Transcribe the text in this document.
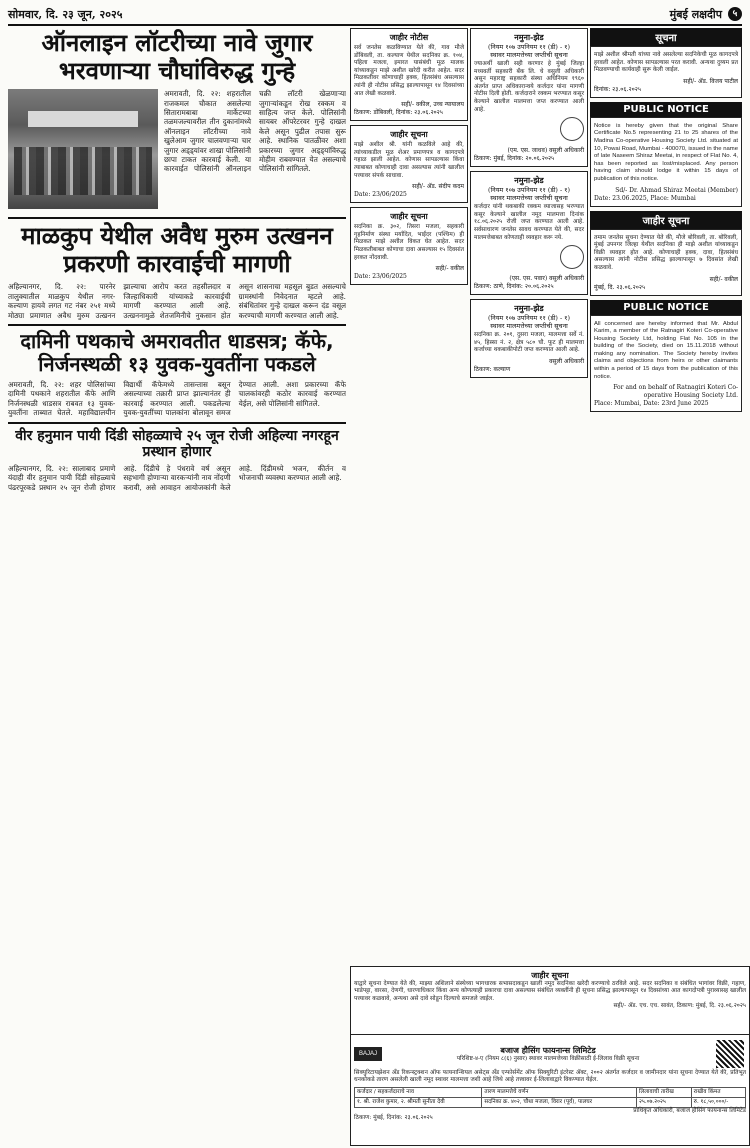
सोमवार, दि. २३ जून, २०२५	मुंबई लक्षदीप	५
ऑनलाइन लॉटरीच्या नावे जुगार भरवणाऱ्या चौघांविरुद्ध गुन्हे
अमरावती, दि. २२: शहरातील राजकमल चौकात असलेल्या सितारामबाबा मार्केटच्या तळमजल्यावरील तीन दुकानांमध्ये ऑनलाइन लॉटरीच्या नावे खुलेआम जुगार चालवणाऱ्या चार जुगार अड्ड्यांवर शाखा पोलिसांनी छापा टाकत कारवाई केली. या कारवाईत पोलिसांनी ऑनलाइन चक्री लॉटरी खेळणाऱ्या जुगाऱ्यांकडून रोख रक्कम व साहित्य जप्त केले. पोलिसांनी सायबर ऑपरेटरवर गुन्हे दाखल केले असून पुढील तपास सुरू आहे. स्थानिक पातळीवर अशा प्रकारच्या जुगार अड्ड्यांविरुद्ध मोहीम राबवण्यात येत असल्याचे पोलिसांनी सांगितले.
माळकुप येथील अवैध मुरुम उत्खनन प्रकरणी कारवाईची मागणी
अहिल्यानगर, दि. २२: पारनेर तालुक्यातील माळकुप येथील नगर-कल्याण हायवे लगत गट नंबर २५१ मध्ये मोठ्या प्रमाणात अवैध मुरुम उत्खनन झाल्याचा आरोप करत तहसीलदार व जिल्हाधिकारी यांच्याकडे कारवाईची मागणी करण्यात आली आहे. उत्खननामुळे शेतजमिनीचे नुकसान होत असून शासनाचा महसूल बुडत असल्याचे ग्रामस्थांनी निवेदनात म्हटले आहे. संबंधितांवर गुन्हे दाखल करून दंड वसूल करण्याची मागणी करण्यात आली आहे.
दामिनी पथकाचे अमरावतीत धाडसत्र; कॅफे, निर्जनस्थळी १३ युवक-युवतींना पकडले
अमरावती, दि. २२: शहर पोलिसांच्या दामिनी पथकाने शहरातील कॅफे आणि निर्जनस्थळी धाडसत्र राबवत १३ युवक-युवतींना ताब्यात घेतले. महाविद्यालयीन विद्यार्थी कॅफेमध्ये तासन्तास बसून असल्याच्या तक्रारी प्राप्त झाल्यानंतर ही कारवाई करण्यात आली. पकडलेल्या युवक-युवतींच्या पालकांना बोलावून समज देण्यात आली. अशा प्रकारच्या कॅफे चालकांवरही कठोर कारवाई करण्यात येईल, असे पोलिसांनी सांगितले.
वीर हनुमान पायी दिंडी सोहळ्याचे २५ जून रोजी अहिल्या नगरहून प्रस्थान होणार
अहिल्यानगर, दि. २२: सालाबाद प्रमाणे यंदाही वीर हनुमान पायी दिंडी सोहळ्याचे पंढरपूरकडे प्रस्थान २५ जून रोजी होणार आहे. दिंडीचे हे पंधरावे वर्ष असून सहभागी होणाऱ्या वारकऱ्यांनी नाव नोंदणी करावी, असे आवाहन आयोजकांनी केले आहे. दिंडीमध्ये भजन, कीर्तन व भोजनाची व्यवस्था करण्यात आली आहे.
जाहीर नोटीस
सर्व जनतेस कळविण्यात येते की, गाव मौजे डोंबिवली, ता. कल्याण येथील सदनिका क्र. १०४, पहिला मजला, इमारत यासंबंधी मूळ मालक यांच्याकडून माझे अशील खरेदी करीत आहेत. सदर मिळकतीवर कोणाचाही हक्क, हितसंबंध असल्यास त्यांनी ही नोटीस प्रसिद्ध झाल्यापासून १४ दिवसांच्या आत लेखी कळवावे.
सही/- वकील, उच्च न्यायालय
ठिकाण: डोंबिवली, दिनांक: २३.०६.२०२५
जाहीर सूचना
माझे अशील श्री. यांनी कळविले आहे की, त्यांच्याकडील मूळ शेअर प्रमाणपत्र व कागदपत्रे गहाळ झाली आहेत. कोणास सापडल्यास किंवा त्याबाबत कोणाचाही दावा असल्यास त्यांनी खालील पत्त्यावर संपर्क साधावा.
सही/- ॲड. संदीप कदम
Date: 23/06/2025
जाहीर सूचना
सदनिका क्र. ३०२, तिसरा मजला, सहकारी गृहनिर्माण संस्था मर्यादित, भाईंदर (पश्चिम) ही मिळकत माझे अशील विकत घेत आहेत. सदर मिळकतीबाबत कोणाचा दावा असल्यास १५ दिवसांत हरकत नोंदवावी.
सही/- वकील
Date: 23/06/2025
नमुना-झेड
(नियम १०७ उपनियम ११ (डी) - १)
स्थावर मालमत्तेच्या जप्तीची सूचना
ज्याअर्थी खाली सही करणार हे मुंबई जिल्हा मध्यवर्ती सहकारी बँक लि. चे वसुली अधिकारी असून महाराष्ट्र सहकारी संस्था अधिनियम १९६० अंतर्गत प्राप्त अधिकारान्वये कर्जदार यांना मागणी नोटीस दिली होती. कर्जदाराने रक्कम भरण्यात कसूर केल्याने खालील मालमत्ता जप्त करण्यात आली आहे.
(एम. एस. जाधव) वसुली अधिकारी
ठिकाण: मुंबई, दिनांक: २०.०६.२०२५
नमुना-झेड
(नियम १०७ उपनियम ११ (डी) - १)
स्थावर मालमत्तेच्या जप्तीची सूचना
कर्जदार यांनी थकबाकी रक्कम व्याजासह भरण्यात कसूर केल्याने खालील नमूद मालमत्ता दिनांक १८.०६.२०२५ रोजी जप्त करण्यात आली आहे. सर्वसाधारण जनतेस सावध करण्यात येते की, सदर मालमत्तेबाबत कोणताही व्यवहार करू नये.
(एस. एस. पवार) वसुली अधिकारी
ठिकाण: ठाणे, दिनांक: २०.०६.२०२५
नमुना-झेड
(नियम १०७ उपनियम ११ (डी) - १)
स्थावर मालमत्तेच्या जप्तीची सूचना
सदनिका क्र. २०१, दुसरा मजला, मालमत्ता सर्वे नं. ४५, हिस्सा नं. २, क्षेत्र ५८० चौ. फूट ही मालमत्ता कर्जाच्या थकबाकीपोटी जप्त करण्यात आली आहे.
वसुली अधिकारी
ठिकाण: कल्याण
सूचना
माझे अशील श्रीमती यांच्या नावे असलेल्या सदनिकेची मूळ कागदपत्रे हरवली आहेत. कोणास सापडल्यास परत करावी. अन्यथा दुय्यम प्रत मिळवण्याची कार्यवाही सुरू केली जाईल.
सही/- ॲड. विजय पाटील
दिनांक: २३.०६.२०२५
PUBLIC NOTICE
Notice is hereby given that the original Share Certificate No.5 representing 21 to 25 shares of the Madina Co-operative Housing Society Ltd. situated at 10, Powai Road, Mumbai - 400070, issued in the name of late Naseem Shiraz Meetai, in respect of Flat No. 4, has been reported as lost/misplaced. Any person having claim should lodge it within 15 days of publication of this notice.
Sd/- Dr. Ahmad Shiraz Meetai (Member)
Date: 23.06.2025, Place: Mumbai
जाहीर सूचना
तमाम जनतेस सूचना देण्यात येते की, मौजे बोरिवली, ता. बोरिवली, मुंबई उपनगर जिल्हा येथील सदनिका ही माझे अशील यांच्याकडून विक्री व्यवहार होत आहे. कोणाचाही हक्क, दावा, हितसंबंध असल्यास त्यांनी नोटीस प्रसिद्ध झाल्यापासून ७ दिवसांत लेखी कळवावे.
सही/- वकील
मुंबई, दि. २३.०६.२०२५
PUBLIC NOTICE
All concerned are hereby informed that Mr. Abdul Karim, a member of the Ratnagiri Koteri Co-operative Housing Society Ltd, holding Flat No. 105 in the building of the Society, died on 15.11.2018 without making any nomination. The Society hereby invites claims and objections from heirs or other claimants within a period of 15 days from the publication of this notice.
For and on behalf of Ratnagiri Koteri Co-operative Housing Society Ltd.
Place: Mumbai, Date: 23rd June 2025
जाहीर सूचना
याद्वारे सूचना देण्यात येते की, माझ्या अशिलाने संस्थेच्या भागधारक सभासदाकडून खाली नमूद सदनिका खरेदी करण्याचे ठरविले आहे. सदर सदनिका व संबंधित भागांवर विक्री, गहाण, भाडेपट्टा, वारसा, देणगी, धारणाधिकार किंवा अन्य कोणत्याही प्रकारचा दावा असल्यास संबंधित व्यक्तींनी ही सूचना प्रसिद्ध झाल्यापासून १४ दिवसांच्या आत कागदोपत्री पुराव्यासह खालील पत्त्यावर कळवावे, अन्यथा असे दावे सोडून दिल्याचे समजले जाईल.
सही/- ॲड. एच. एच. सावंत, ठिकाण: मुंबई, दि. २३.०६.२०२५
BAJAJ	बजाज हौसिंग फायनान्स लिमिटेड
परिशिष्ट-४-ए (नियम ८(६) नुसार) स्थावर मालमत्तेच्या विक्रीसाठी ई-लिलाव विक्री सूचना
सिक्युरिटायझेशन अँड रिकन्स्ट्रक्शन ऑफ फायनान्शियल असेट्स अँड एन्फोर्समेंट ऑफ सिक्युरिटी इंटरेस्ट ॲक्ट, २००२ अंतर्गत कर्जदार व जामीनदार यांना सूचना देण्यात येते की, प्रतिभूत धनकोकडे तारण असलेली खाली नमूद स्थावर मालमत्ता जशी आहे जिथे आहे तत्त्वावर ई-लिलावाद्वारे विकण्यात येईल.
कर्जदार / सहकर्जदाराचे नाव	तारण मालमत्तेचे वर्णन	लिलावाची तारीख	राखीव किंमत
१. श्री. राजेश कुमार, २. श्रीमती सुनीता देवी	सदनिका क्र. ४०२, चौथा मजला, विरार (पूर्व), पालघर	२५.०७.२०२५	रु. १८,५०,०००/-
प्राधिकृत अधिकारी, बजाज हौसिंग फायनान्स लिमिटेड
ठिकाण: मुंबई, दिनांक: २३.०६.२०२५
